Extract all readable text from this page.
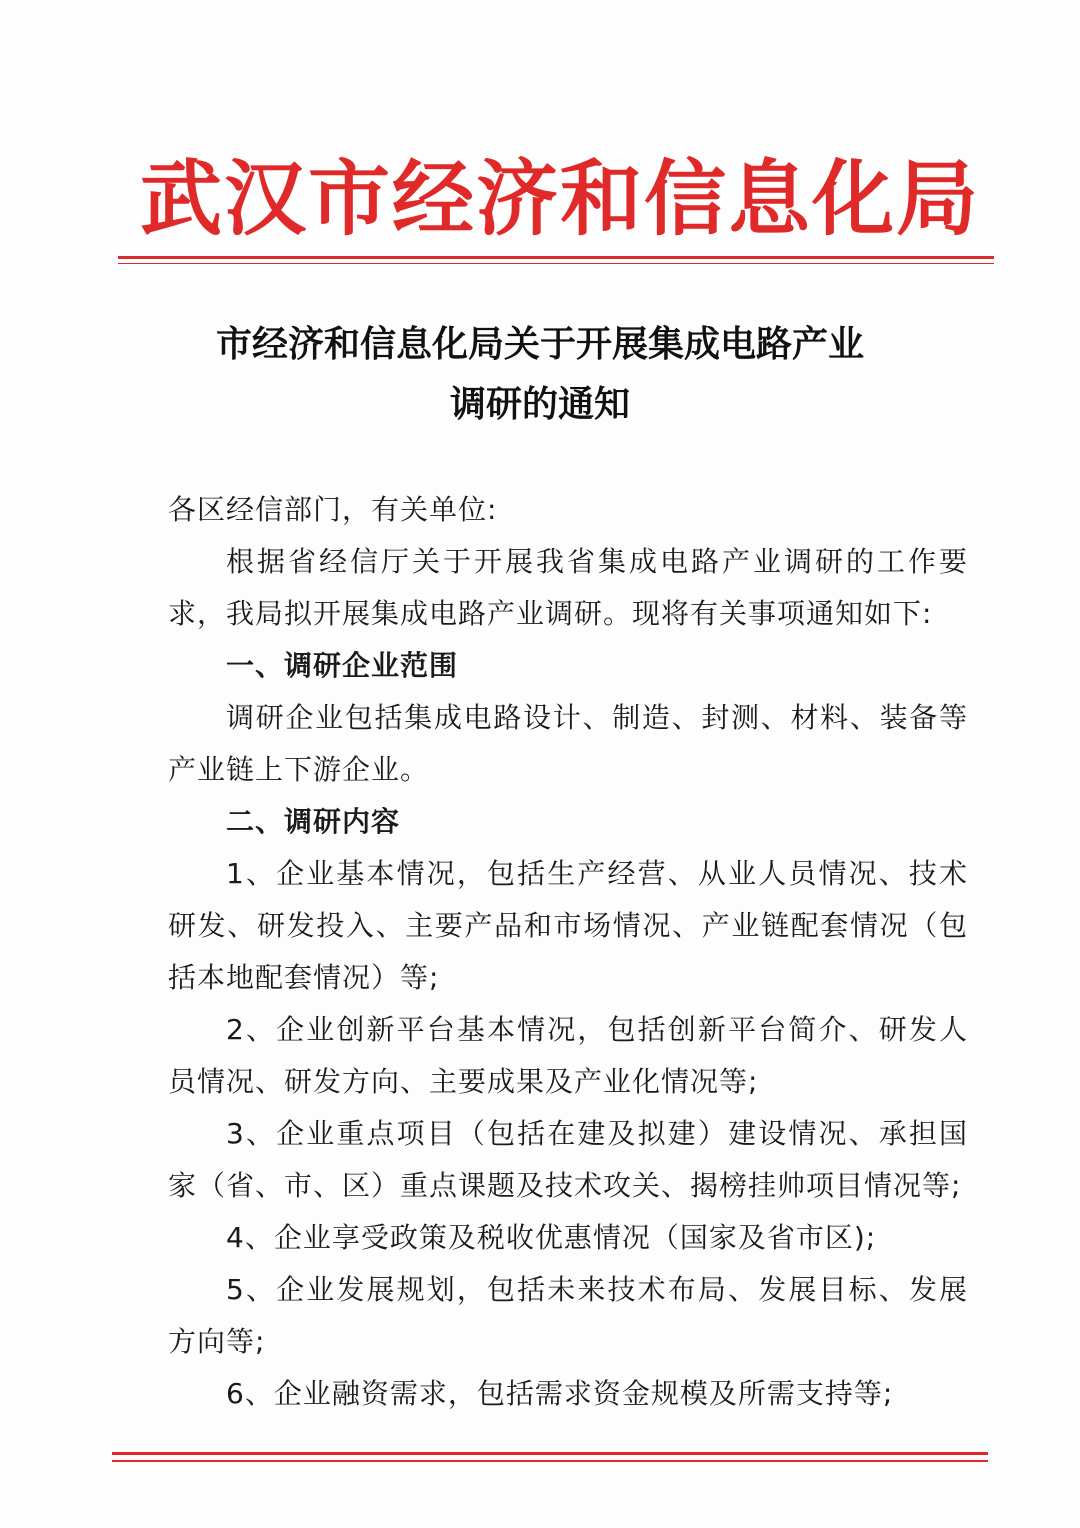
武汉市经济和信息化局
市经济和信息化局关于开展集成电路产业
调研的通知

各区经信部门，有关单位:

根据省经信厅关于开展我省集成电路产业调研的工作要求，我局拟开展集成电路产业调研。现将有关事项通知如下:

一、调研企业范围

调研企业包括集成电路设计、制造、封测、材料、装备等产业链上下游企业。

二、调研内容

1、企业基本情况，包括生产经营、从业人员情况、技术研发、研发投入、主要产品和市场情况、产业链配套情况（包括本地配套情况）等;

2、企业创新平台基本情况，包括创新平台简介、研发人员情况、研发方向、主要成果及产业化情况等;

3、企业重点项目（包括在建及拟建）建设情况、承担国家（省、市、区）重点课题及技术攻关、揭榜挂帅项目情况等;

4、企业享受政策及税收优惠情况（国家及省市区);

5、企业发展规划，包括未来技术布局、发展目标、发展方向等;

6、企业融资需求，包括需求资金规模及所需支持等;
